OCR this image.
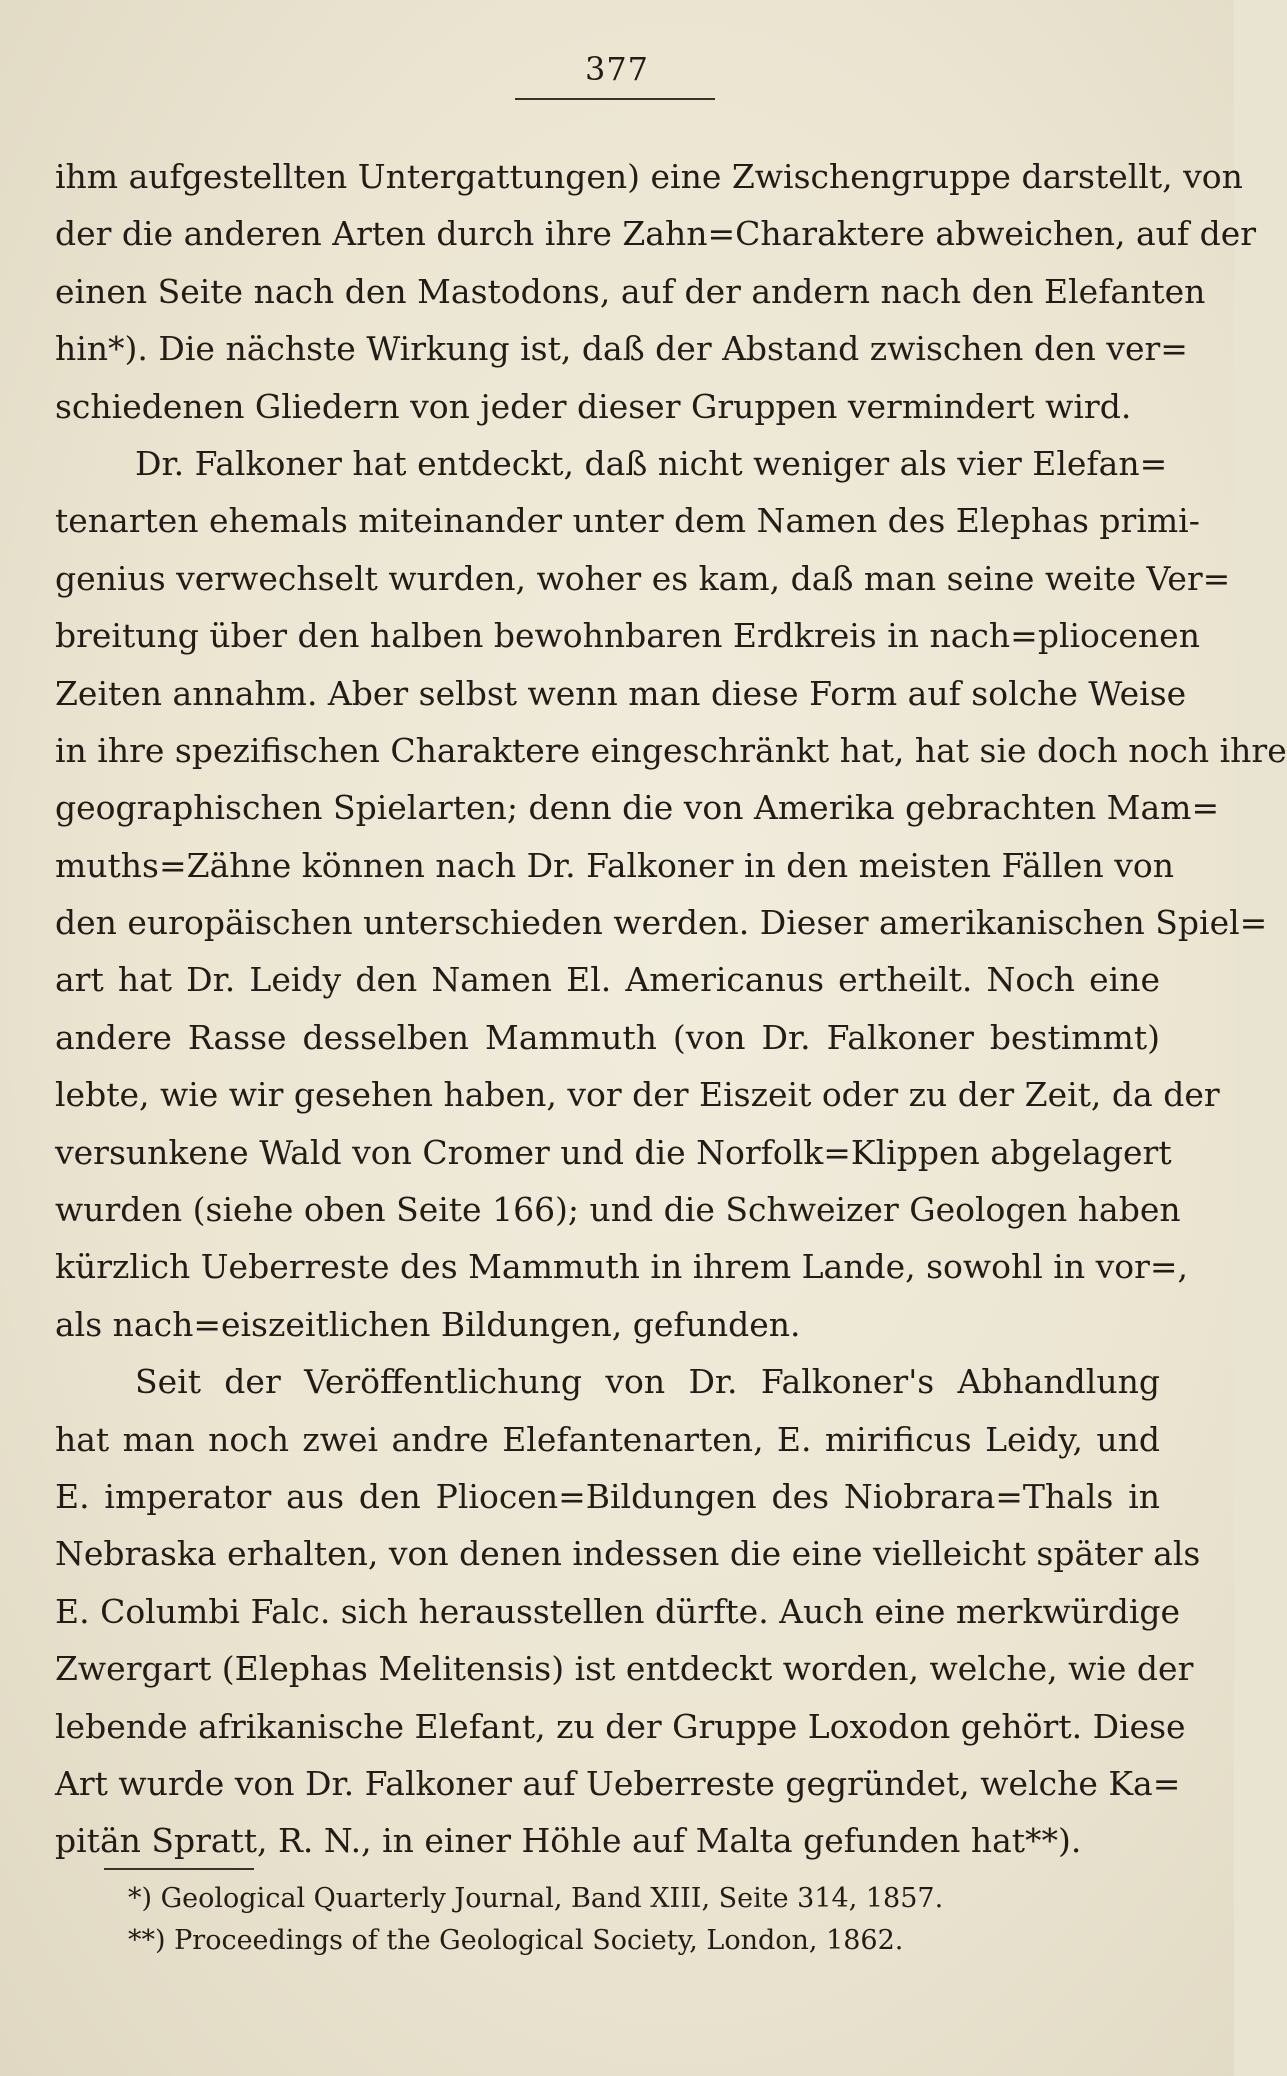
377
ihm aufgestellten Untergattungen) eine Zwischengruppe darstellt, von
der die anderen Arten durch ihre Zahn=Charaktere abweichen, auf der
einen Seite nach den Mastodons, auf der andern nach den Elefanten
hin*). Die nächste Wirkung ist, daß der Abstand zwischen den ver=
schiedenen Gliedern von jeder dieser Gruppen vermindert wird.
Dr. Falkoner hat entdeckt, daß nicht weniger als vier Elefan=
tenarten ehemals miteinander unter dem Namen des Elephas primi-
genius verwechselt wurden, woher es kam, daß man seine weite Ver=
breitung über den halben bewohnbaren Erdkreis in nach=pliocenen
Zeiten annahm. Aber selbst wenn man diese Form auf solche Weise
in ihre spezifischen Charaktere eingeschränkt hat, hat sie doch noch ihre
geographischen Spielarten; denn die von Amerika gebrachten Mam=
muths=Zähne können nach Dr. Falkoner in den meisten Fällen von
den europäischen unterschieden werden. Dieser amerikanischen Spiel=
art hat Dr. Leidy den Namen El. Americanus ertheilt. Noch eine
andere Rasse desselben Mammuth (von Dr. Falkoner bestimmt)
lebte, wie wir gesehen haben, vor der Eiszeit oder zu der Zeit, da der
versunkene Wald von Cromer und die Norfolk=Klippen abgelagert
wurden (siehe oben Seite 166); und die Schweizer Geologen haben
kürzlich Ueberreste des Mammuth in ihrem Lande, sowohl in vor=,
als nach=eiszeitlichen Bildungen, gefunden.
Seit der Veröffentlichung von Dr. Falkoner's Abhandlung
hat man noch zwei andre Elefantenarten, E. mirificus Leidy, und
E. imperator aus den Pliocen=Bildungen des Niobrara=Thals in
Nebraska erhalten, von denen indessen die eine vielleicht später als
E. Columbi Falc. sich herausstellen dürfte. Auch eine merkwürdige
Zwergart (Elephas Melitensis) ist entdeckt worden, welche, wie der
lebende afrikanische Elefant, zu der Gruppe Loxodon gehört. Diese
Art wurde von Dr. Falkoner auf Ueberreste gegründet, welche Ka=
pitän Spratt, R. N., in einer Höhle auf Malta gefunden hat**).
*) Geological Quarterly Journal, Band XIII, Seite 314, 1857.
**) Proceedings of the Geological Society, London, 1862.
